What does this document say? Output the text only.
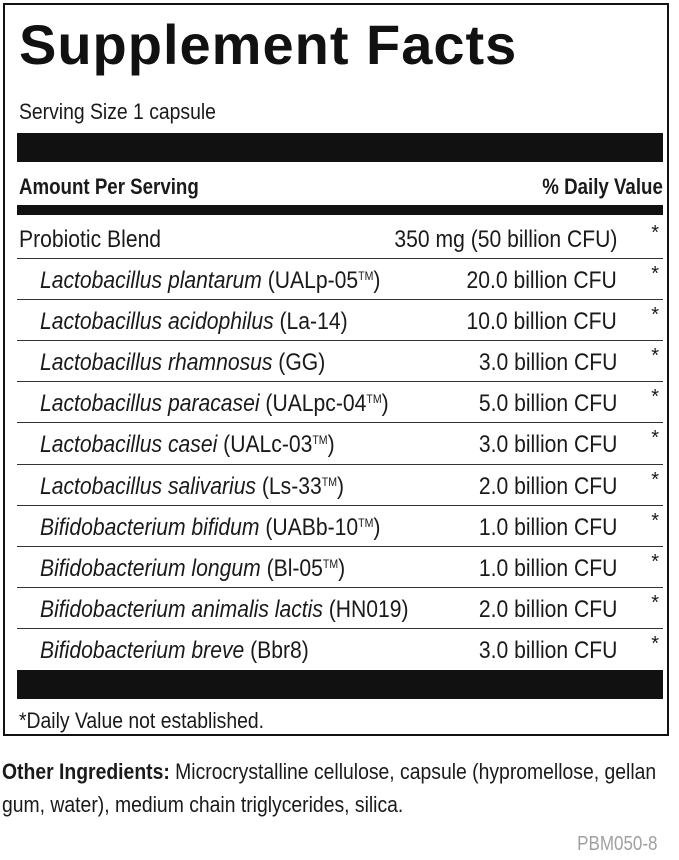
Supplement Facts
Serving Size 1 capsule
Amount Per Serving	% Daily Value
Probiotic Blend	350 mg (50 billion CFU) *
Lactobacillus plantarum (UALp-05™)	20.0 billion CFU *
Lactobacillus acidophilus (La-14)	10.0 billion CFU *
Lactobacillus rhamnosus (GG)	3.0 billion CFU *
Lactobacillus paracasei (UALpc-04™)	5.0 billion CFU *
Lactobacillus casei (UALc-03™)	3.0 billion CFU *
Lactobacillus salivarius (Ls-33™)	2.0 billion CFU *
Bifidobacterium bifidum (UABb-10™)	1.0 billion CFU *
Bifidobacterium longum (Bl-05™)	1.0 billion CFU *
Bifidobacterium animalis lactis (HN019)	2.0 billion CFU *
Bifidobacterium breve (Bbr8)	3.0 billion CFU *
*Daily Value not established.
Other Ingredients: Microcrystalline cellulose, capsule (hypromellose, gellan gum, water), medium chain triglycerides, silica.
PBM050-8
